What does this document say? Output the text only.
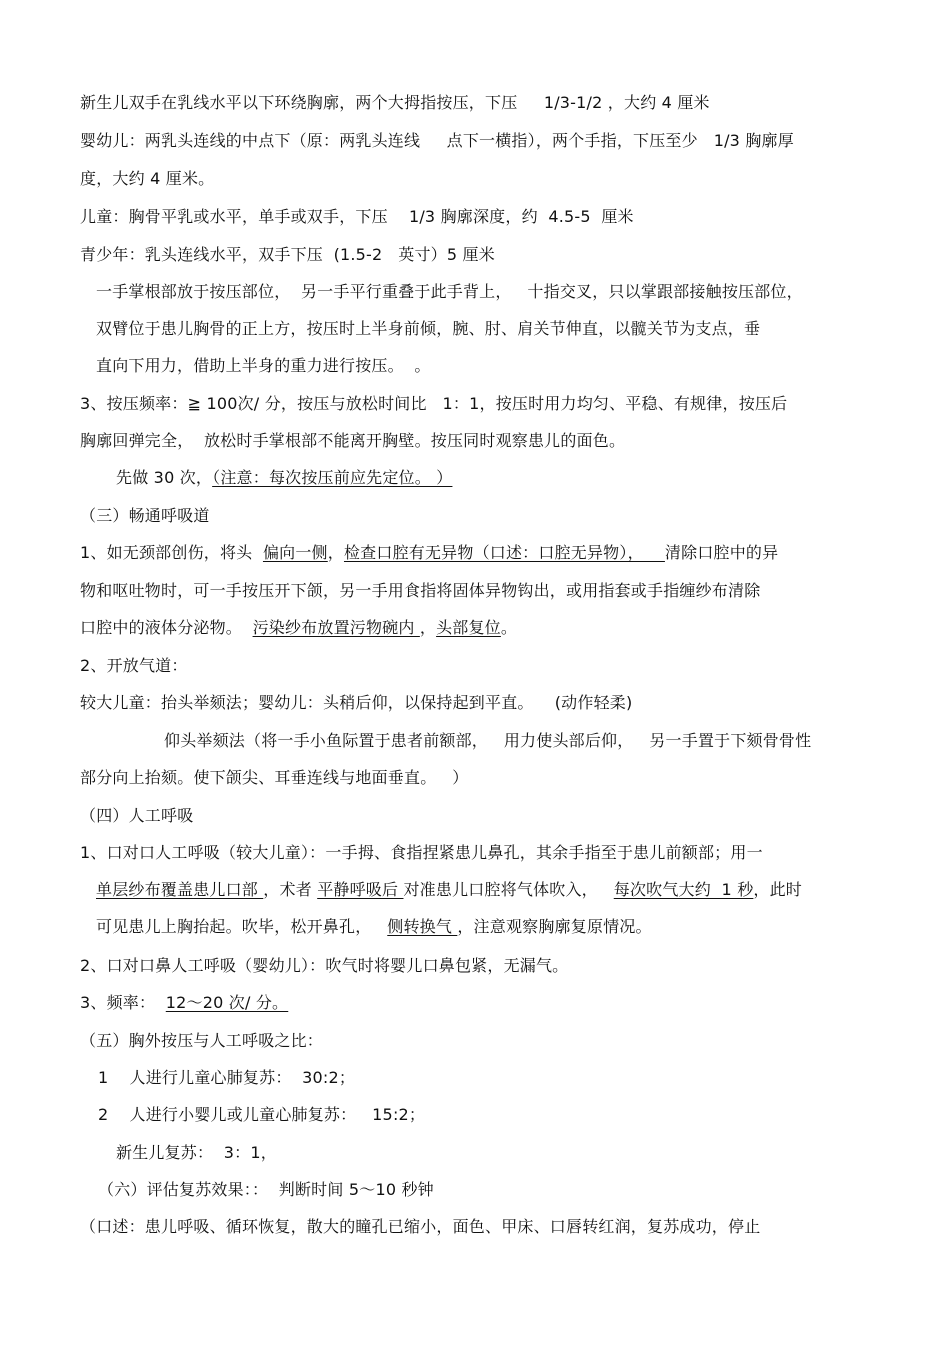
新生儿双手在乳线水平以下环绕胸廓，两个大拇指按压，下压     1/3-1/2 ，大约 4 厘米
婴幼儿：两乳头连线的中点下（原：两乳头连线     点下一横指），两个手指，下压至少   1/3 胸廓厚
度，大约 4 厘米。
儿童：胸骨平乳或水平，单手或双手，下压    1/3 胸廓深度，约  4.5-5  厘米
青少年：乳头连线水平，双手下压  (1.5-2   英寸）5 厘米
一手掌根部放于按压部位，  另一手平行重叠于此手背上，   十指交叉，只以掌跟部接触按压部位，
双臂位于患儿胸骨的正上方，按压时上半身前倾，腕、肘、肩关节伸直，以髋关节为支点，垂
直向下用力，借助上半身的重力进行按压。  。
3、按压频率：≧ 100次/ 分，按压与放松时间比   1：1，按压时用力均匀、平稳、有规律，按压后
胸廓回弹完全，  放松时手掌根部不能离开胸壁。按压同时观察患儿的面色。
先做 30 次，（注意：每次按压前应先定位。 ）
（三）畅通呼吸道
1、如无颈部创伤，将头  偏向一侧，检查口腔有无异物（口述：口腔无异物），    清除口腔中的异
物和呕吐物时，可一手按压开下颌，另一手用食指将固体异物钩出，或用指套或手指缠纱布清除
口腔中的液体分泌物。  污染纱布放置污物碗内 ，头部复位。
2、开放气道：
较大儿童：抬头举颏法；婴幼儿：头稍后仰，以保持起到平直。    (动作轻柔)
仰头举颏法（将一手小鱼际置于患者前额部，   用力使头部后仰，   另一手置于下颏骨骨性
部分向上抬颏。使下颌尖、耳垂连线与地面垂直。   ）
（四）人工呼吸
1、口对口人工呼吸（较大儿童）：一手拇、食指捏紧患儿鼻孔，其余手指至于患儿前额部；用一
单层纱布覆盖患儿口部 ，术者 平静呼吸后 对准患儿口腔将气体吹入，   每次吹气大约  1 秒，此时
可见患儿上胸抬起。吹毕，松开鼻孔，   侧转换气 ，注意观察胸廓复原情况。
2、口对口鼻人工呼吸（婴幼儿）：吹气时将婴儿口鼻包紧，无漏气。
3、频率：  12～20 次/ 分。
（五）胸外按压与人工呼吸之比：
1    人进行儿童心肺复苏：  30:2；
2    人进行小婴儿或儿童心肺复苏：   15:2；
新生儿复苏：  3：1，
（六）评估复苏效果：：  判断时间 5～10 秒钟
（口述：患儿呼吸、循环恢复，散大的瞳孔已缩小，面色、甲床、口唇转红润，复苏成功，停止
